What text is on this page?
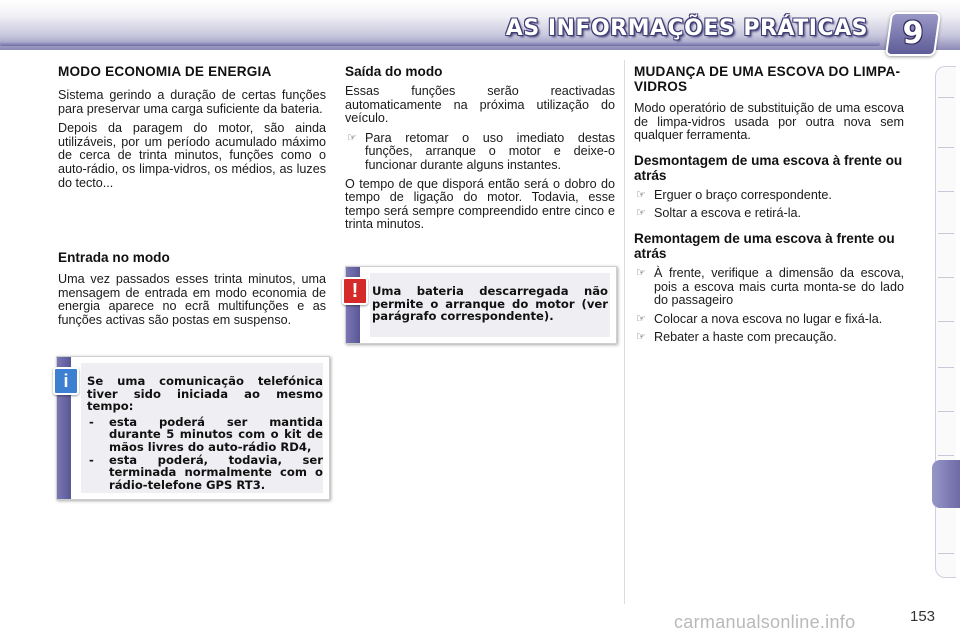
AS INFORMAÇÕES PRÁTICAS	9
MODO ECONOMIA DE ENERGIA

Sistema gerindo a duração de certas funções para preservar uma carga suficiente da bateria.

Depois da paragem do motor, são ainda utilizáveis, por um período acumulado máximo de cerca de trinta minutos, funções como o auto-rádio, os limpa-vidros, os médios, as luzes do tecto...

Entrada no modo

Uma vez passados esses trinta minutos, uma mensagem de entrada em modo economia de energia aparece no ecrã multifunções e as funções activas são postas em suspenso.

i	Se uma comunicação telefónica tiver sido iniciada ao mesmo tempo:

- esta poderá ser mantida durante 5 minutos com o kit de mãos livres do auto-rádio RD4,
- esta poderá, todavia, ser terminada normalmente com o rádio-telefone GPS RT3.
Saída do modo

Essas funções serão reactivadas automaticamente na próxima utilização do veículo.

☞ Para retomar o uso imediato destas funções, arranque o motor e deixe-o funcionar durante alguns instantes.

O tempo de que disporá então será o dobro do tempo de ligação do motor. Todavia, esse tempo será sempre compreendido entre cinco e trinta minutos.

!	Uma bateria descarregada não permite o arranque do motor (ver parágrafo correspondente).

MUDANÇA DE UMA ESCOVA DO LIMPA-VIDROS

Modo operatório de substituição de uma escova de limpa-vidros usada por outra nova sem qualquer ferramenta.

Desmontagem de uma escova à frente ou atrás
☞ Erguer o braço correspondente.
☞ Soltar a escova e retirá-la.
Remontagem de uma escova à frente ou atrás
☞ À frente, verifique a dimensão da escova, pois a escova mais curta monta-se do lado do passageiro
☞ Colocar a nova escova no lugar e fixá-la.
☞ Rebater a haste com precaução.
carmanualsonline.info	153
